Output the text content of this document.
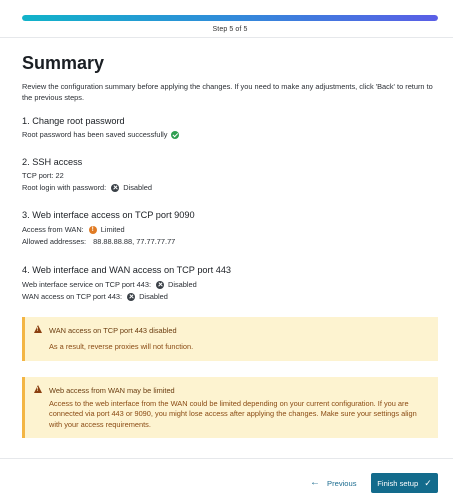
Step 5 of 5
Summary
Review the configuration summary before applying the changes. If you need to make any adjustments, click 'Back' to return to the previous steps.
1. Change root password
Root password has been saved successfully
2. SSH access
TCP port: 22
Root login with password: Disabled
3. Web interface access on TCP port 9090
Access from WAN:
! Limited
Allowed addresses: 88.88.88.88, 77.77.77.77
4. Web interface and WAN access on TCP port 443
Web interface service on TCP port 443: Disabled
WAN access on TCP port 443: Disabled
!
WAN access on TCP port 443 disabled
As a result, reverse proxies will not function.
!
Web access from WAN may be limited
Access to the web interface from the WAN could be limited depending on your current configuration. If you are connected via port 443 or 9090, you might lose access after applying the changes. Make sure your settings align with your access requirements.
← Previous	Finish setup ✓
